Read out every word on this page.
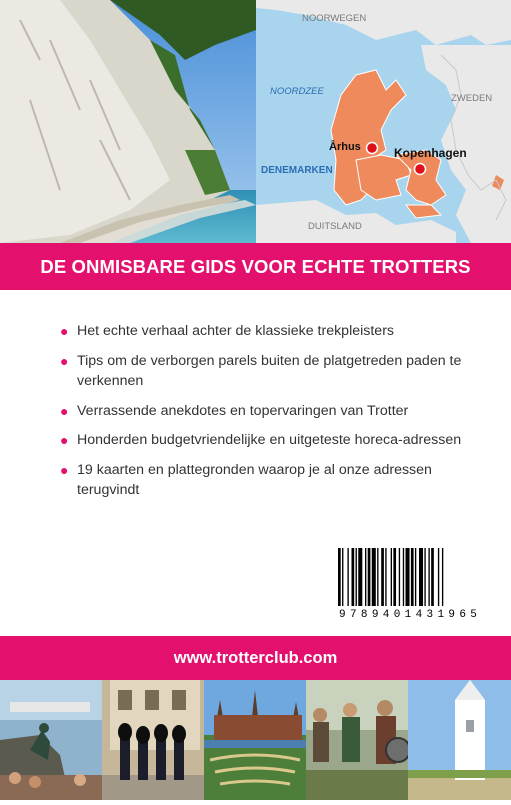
NOORWEGEN
NOORDZEE
ZWEDEN
Århus	Kopenhagen
DENEMARKEN
DUITSLAND
DE ONMISBARE GIDS VOOR ECHTE TROTTERS
● Het echte verhaal achter de klassieke trekpleisters
● Tips om de verborgen parels buiten de platgetreden paden te verkennen
● Verrassende anekdotes en topervaringen van Trotter
● Honderden budgetvriendelijke en uitgeteste horeca-adressen
● 19 kaarten en plattegronden waarop je al onze adressen terugvindt
9 7 8 9 4 0 1 4 3 1 9 6 5
www.trotterclub.com
